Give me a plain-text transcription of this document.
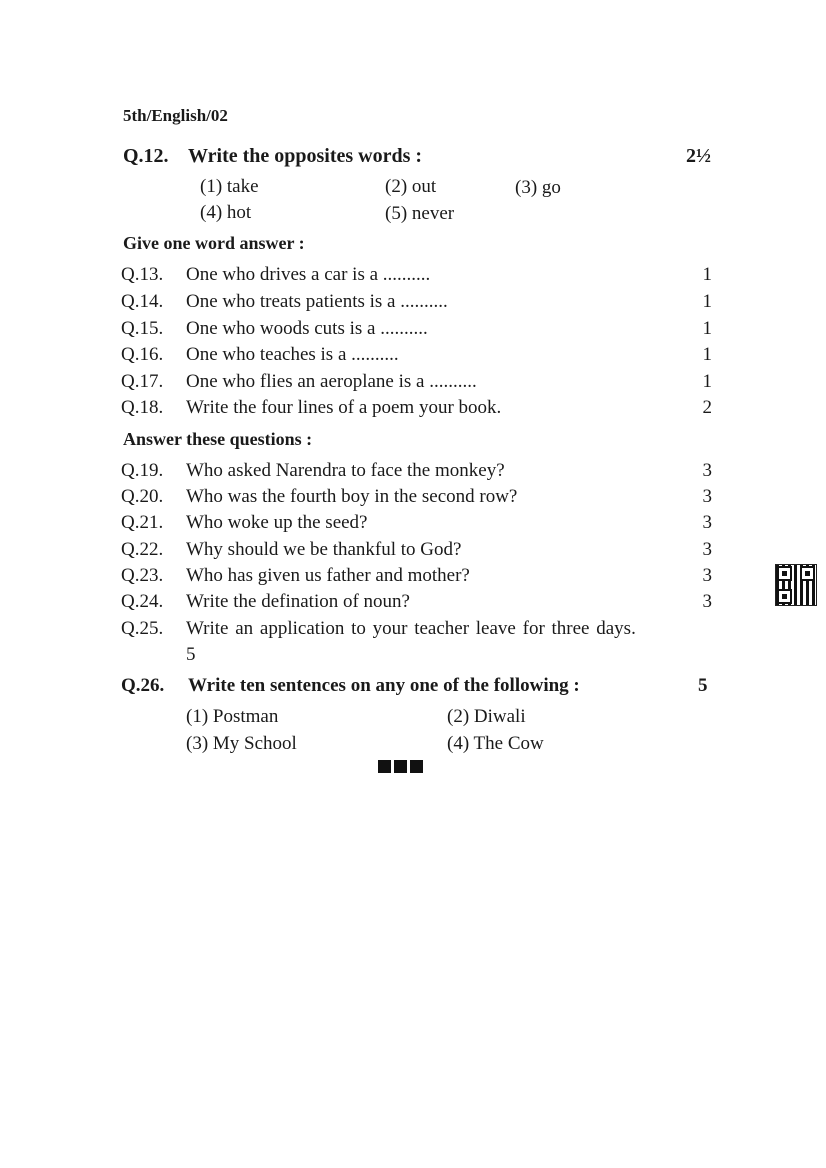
5th/English/02
Q.12. Write the opposites words :	2½
(1) take	(2) out	(3) go
(4) hot	(5) never
Give one word answer :
Q.13. One who drives a car is a ..........	1
Q.14. One who treats patients is a ..........	1
Q.15. One who woods cuts is a ..........	1
Q.16. One who teaches is a ..........	1
Q.17. One who flies an aeroplane is a ..........	1
Q.18. Write the four lines of a poem your book.	2
Answer these questions :
Q.19. Who asked Narendra to face the monkey?	3
Q.20. Who was the fourth boy in the second row?	3
Q.21. Who woke up the seed?	3
Q.22. Why should we be thankful to God?	3
Q.23. Who has given us father and mother?	3
Q.24. Write the defination of noun?	3
Q.25. Write an application to your teacher leave for three days.
5
Q.26. Write ten sentences on any one of the following :	5
(1) Postman	(2) Diwali
(3) My School	(4) The Cow
